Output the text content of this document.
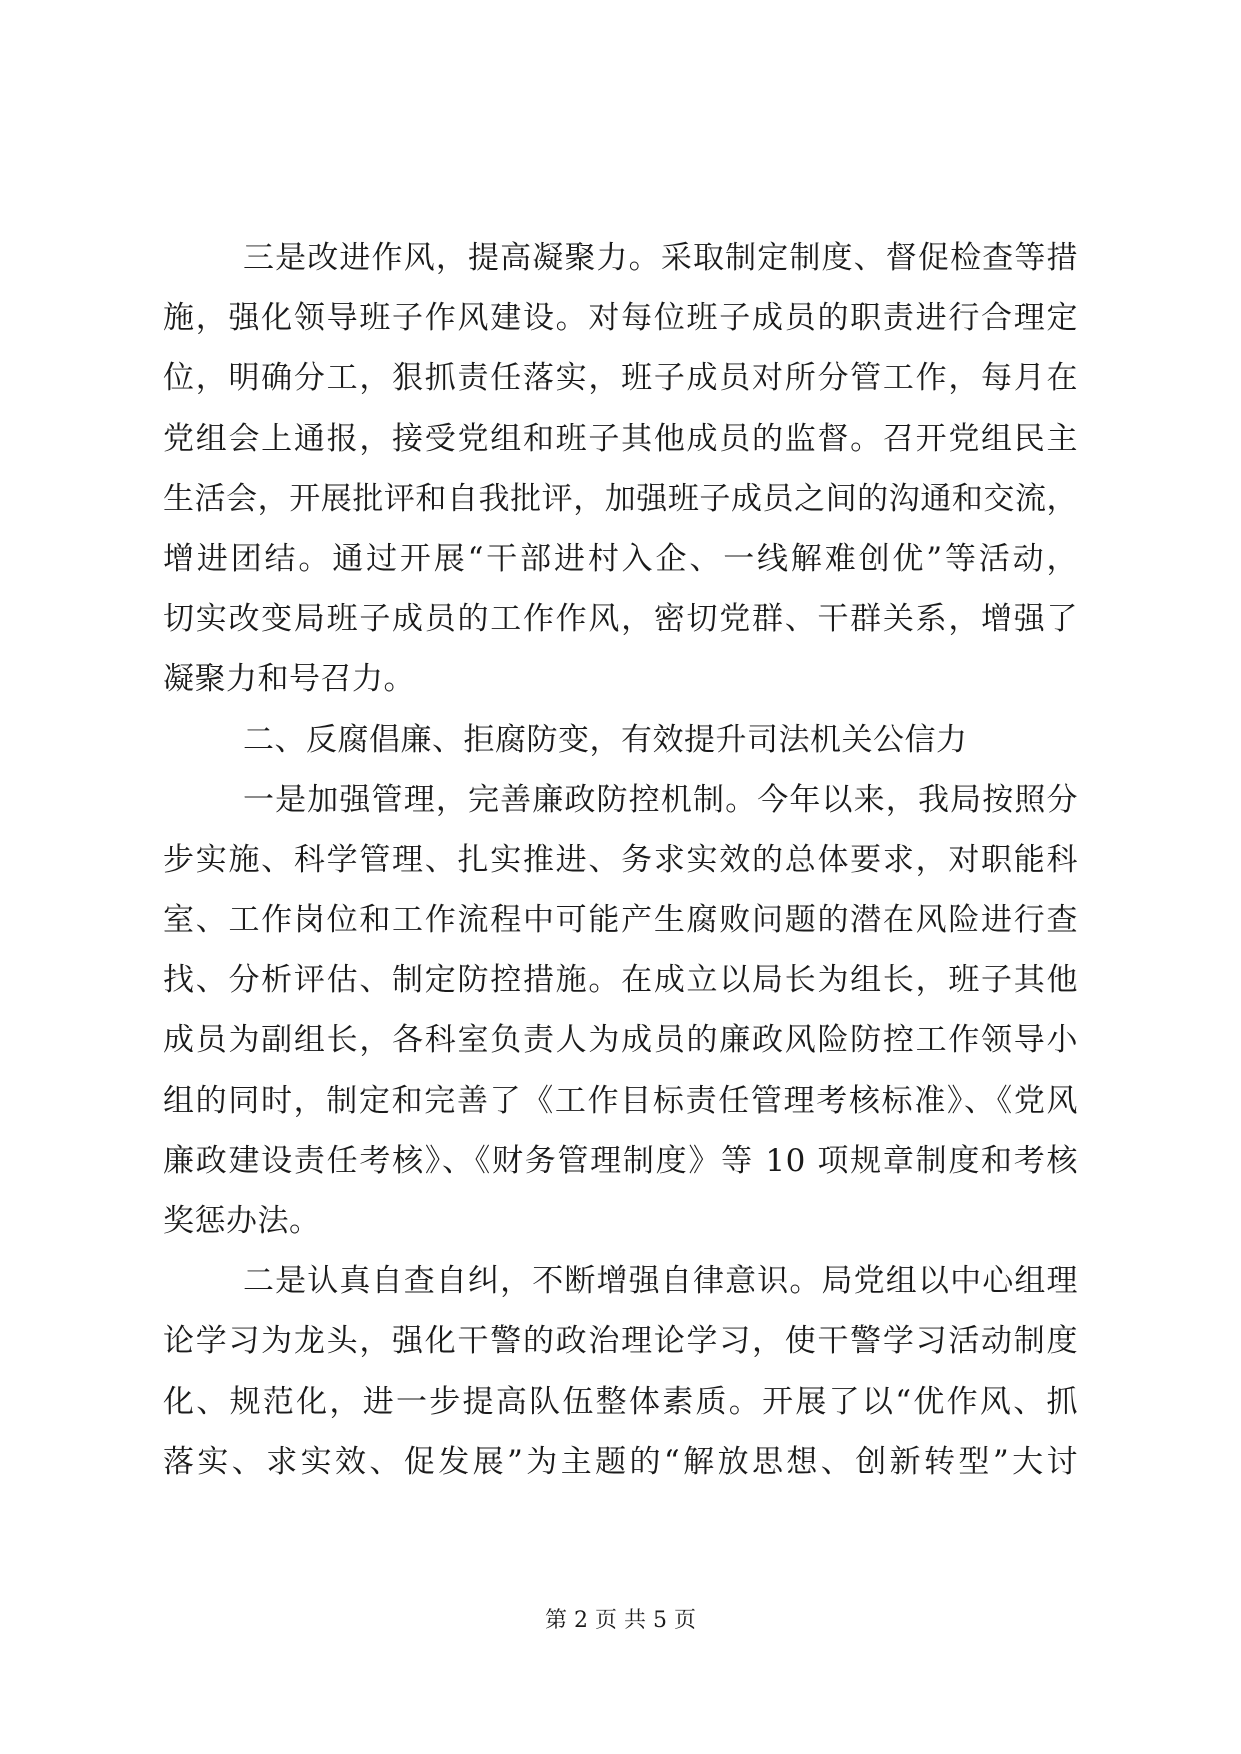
三是改进作风，提高凝聚力。采取制定制度、督促检查等措
施，强化领导班子作风建设。对每位班子成员的职责进行合理定
位，明确分工，狠抓责任落实，班子成员对所分管工作，每月在
党组会上通报，接受党组和班子其他成员的监督。召开党组民主
生活会，开展批评和自我批评，加强班子成员之间的沟通和交流，
增进团结。通过开展“干部进村入企、一线解难创优”等活动，
切实改变局班子成员的工作作风，密切党群、干群关系，增强了
凝聚力和号召力。
二、反腐倡廉、拒腐防变，有效提升司法机关公信力
一是加强管理，完善廉政防控机制。今年以来，我局按照分
步实施、科学管理、扎实推进、务求实效的总体要求，对职能科
室、工作岗位和工作流程中可能产生腐败问题的潜在风险进行查
找、分析评估、制定防控措施。在成立以局长为组长，班子其他
成员为副组长，各科室负责人为成员的廉政风险防控工作领导小
组的同时，制定和完善了《工作目标责任管理考核标准》、《党风
廉政建设责任考核》、《财务管理制度》等 10 项规章制度和考核
奖惩办法。
二是认真自查自纠，不断增强自律意识。局党组以中心组理
论学习为龙头，强化干警的政治理论学习，使干警学习活动制度
化、规范化，进一步提高队伍整体素质。开展了以“优作风、抓
落实、求实效、促发展”为主题的“解放思想、创新转型”大讨
第 2 页 共 5 页
